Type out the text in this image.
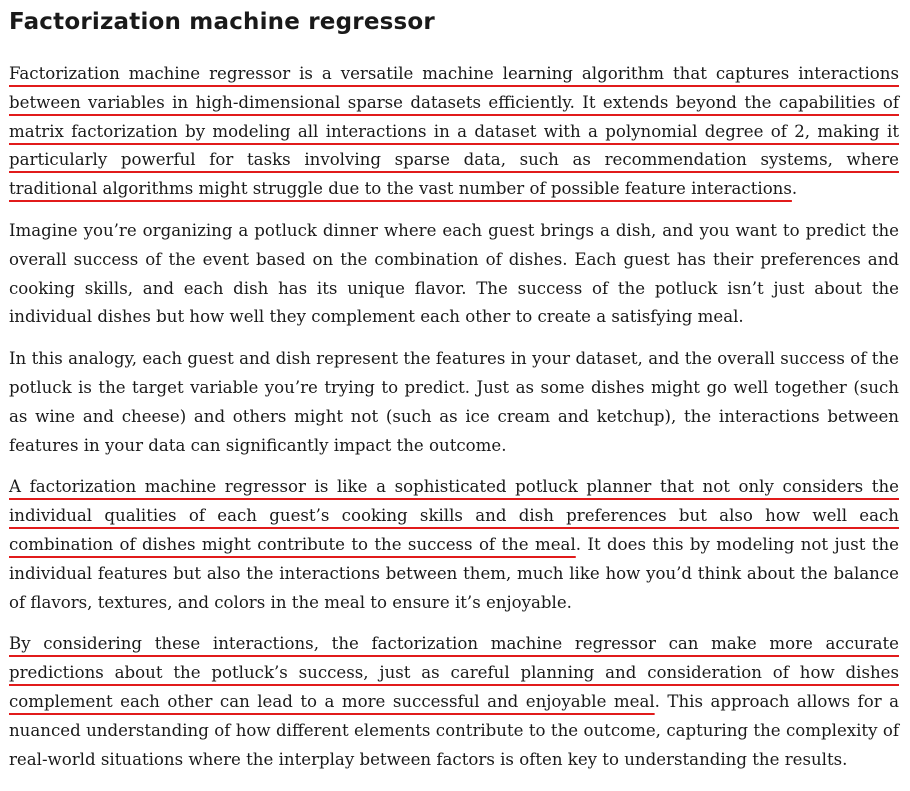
Factorization machine regressor

Factorization machine regressor is a versatile machine learning algorithm that captures interactions between variables in high-dimensional sparse datasets efficiently. It extends beyond the capabilities of matrix factorization by modeling all interactions in a dataset with a polynomial degree of 2, making it particularly powerful for tasks involving sparse data, such as recommendation systems, where traditional algorithms might struggle due to the vast number of possible feature interactions.

Imagine you’re organizing a potluck dinner where each guest brings a dish, and you want to predict the overall success of the event based on the combination of dishes. Each guest has their preferences and cooking skills, and each dish has its unique flavor. The success of the potluck isn’t just about the individual dishes but how well they complement each other to create a satisfying meal.

In this analogy, each guest and dish represent the features in your dataset, and the overall success of the potluck is the target variable you’re trying to predict. Just as some dishes might go well together (such as wine and cheese) and others might not (such as ice cream and ketchup), the interactions between features in your data can significantly impact the outcome.

A factorization machine regressor is like a sophisticated potluck planner that not only considers the individual qualities of each guest’s cooking skills and dish preferences but also how well each combination of dishes might contribute to the success of the meal. It does this by modeling not just the individual features but also the interactions between them, much like how you’d think about the balance of flavors, textures, and colors in the meal to ensure it’s enjoyable.

By considering these interactions, the factorization machine regressor can make more accurate predictions about the potluck’s success, just as careful planning and consideration of how dishes complement each other can lead to a more successful and enjoyable meal. This approach allows for a nuanced understanding of how different elements contribute to the outcome, capturing the complexity of real-world situations where the interplay between factors is often key to understanding the results.
